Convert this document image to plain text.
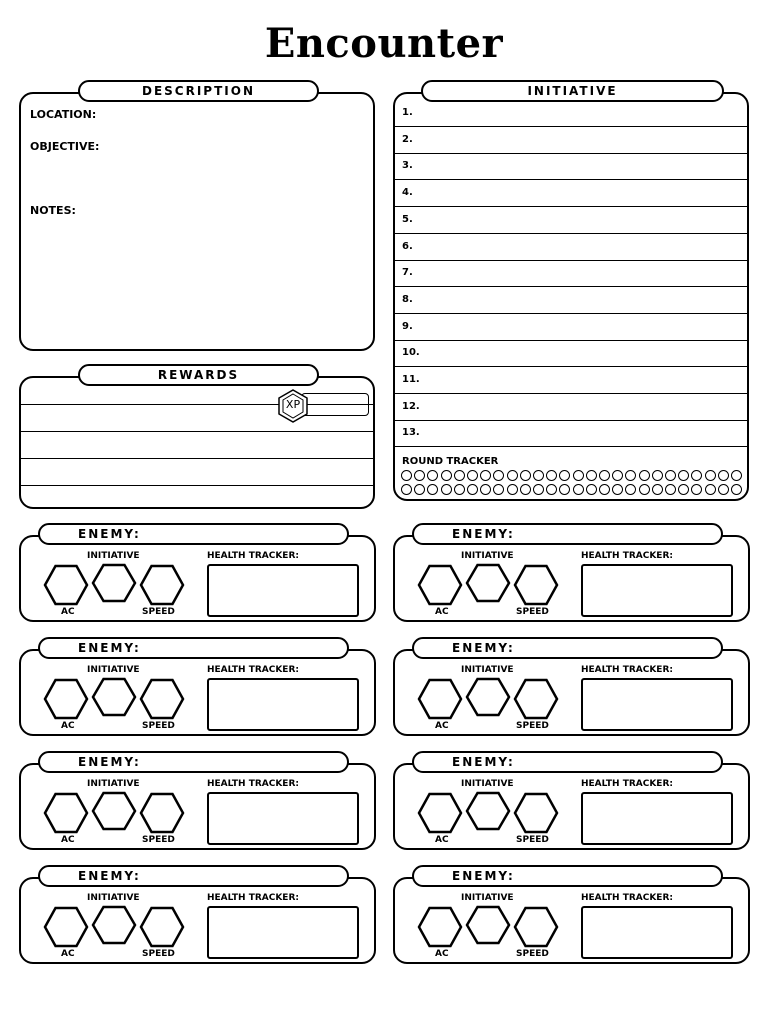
Encounter
LOCATION:
OBJECTIVE:
NOTES:
DESCRIPTION
XP
REWARDS
ROUND TRACKER
1.
2.
3.
4.
5.
6.
7.
8.
9.
10.
11.
12.
13.
INITIATIVE
INITIATIVE	HEALTH TRACKER:
AC	SPEED
ENEMY:
INITIATIVE	HEALTH TRACKER:
AC	SPEED
ENEMY:
INITIATIVE	HEALTH TRACKER:
AC	SPEED
ENEMY:
INITIATIVE	HEALTH TRACKER:
AC	SPEED
ENEMY:
INITIATIVE	HEALTH TRACKER:
AC	SPEED
ENEMY:
INITIATIVE	HEALTH TRACKER:
AC	SPEED
ENEMY:
INITIATIVE	HEALTH TRACKER:
AC	SPEED
ENEMY:
INITIATIVE	HEALTH TRACKER:
AC	SPEED
ENEMY:
